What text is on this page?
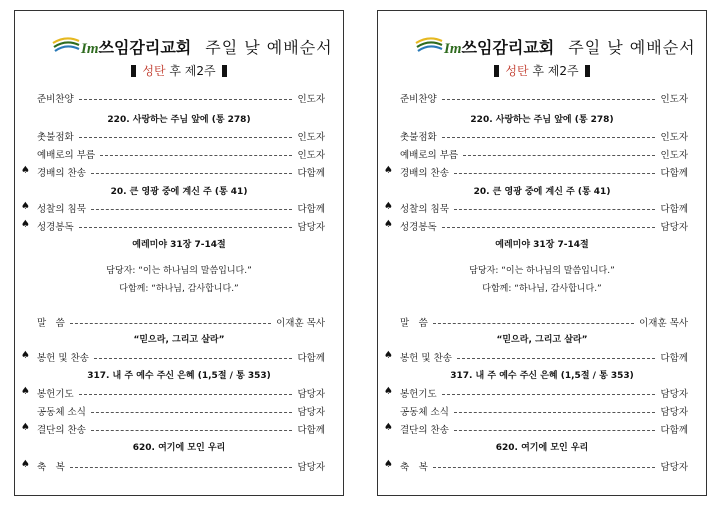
Im쓰임감리교회 주일 낮 예배순서
성탄 후 제2주
준비찬양	인도자
220. 사랑하는 주님 앞에 (통 278)
촛불점화	인도자
예배로의 부름	인도자
♠ 경배의 찬송	다함께
20. 큰 영광 중에 계신 주 (통 41)
♠ 성찰의 침묵	다함께
♠ 성경봉독	담당자
예레미야 31장 7-14절
담당자: “이는 하나님의 말씀입니다.”
다함께: “하나님, 감사합니다.”
말　씀	이재훈 목사
“믿으라, 그리고 살라”
♠ 봉헌 및 찬송	다함께
317. 내 주 예수 주신 은혜 (1,5절 / 통 353)
♠ 봉헌기도	담당자
공동체 소식	담당자
♠ 결단의 찬송	다함께
620. 여기에 모인 우리
♠ 축　복	담당자
Im쓰임감리교회 주일 낮 예배순서
성탄 후 제2주
준비찬양	인도자
220. 사랑하는 주님 앞에 (통 278)
촛불점화	인도자
예배로의 부름	인도자
♠ 경배의 찬송	다함께
20. 큰 영광 중에 계신 주 (통 41)
♠ 성찰의 침묵	다함께
♠ 성경봉독	담당자
예레미야 31장 7-14절
담당자: “이는 하나님의 말씀입니다.”
다함께: “하나님, 감사합니다.”
말　씀	이재훈 목사
“믿으라, 그리고 살라”
♠ 봉헌 및 찬송	다함께
317. 내 주 예수 주신 은혜 (1,5절 / 통 353)
♠ 봉헌기도	담당자
공동체 소식	담당자
♠ 결단의 찬송	다함께
620. 여기에 모인 우리
♠ 축　복	담당자
